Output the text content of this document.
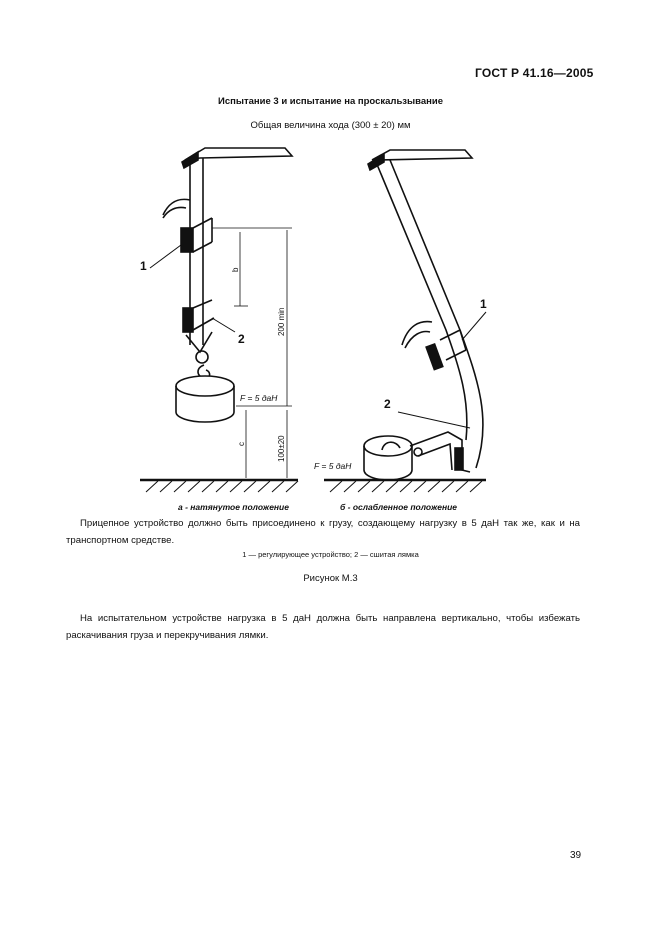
ГОСТ Р 41.16—2005
Испытание 3 и испытание на проскальзывание
Общая величина хода (300 ± 20) мм
1
2
b
200 min
c	100±20
F = 5 даН
а - натянутое положение
1
2
F = 5 даН
б - ослабленное положение
Прицепное устройство должно быть присоединено к грузу, создающему нагрузку в 5 даН так же, как и на транспортном средстве.
1 — регулирующее устройство; 2 — сшитая лямка
Рисунок М.3
На испытательном устройстве нагрузка в 5 даН должна быть направлена вертикально, чтобы избежать раскачивания груза и перекручивания лямки.
39
